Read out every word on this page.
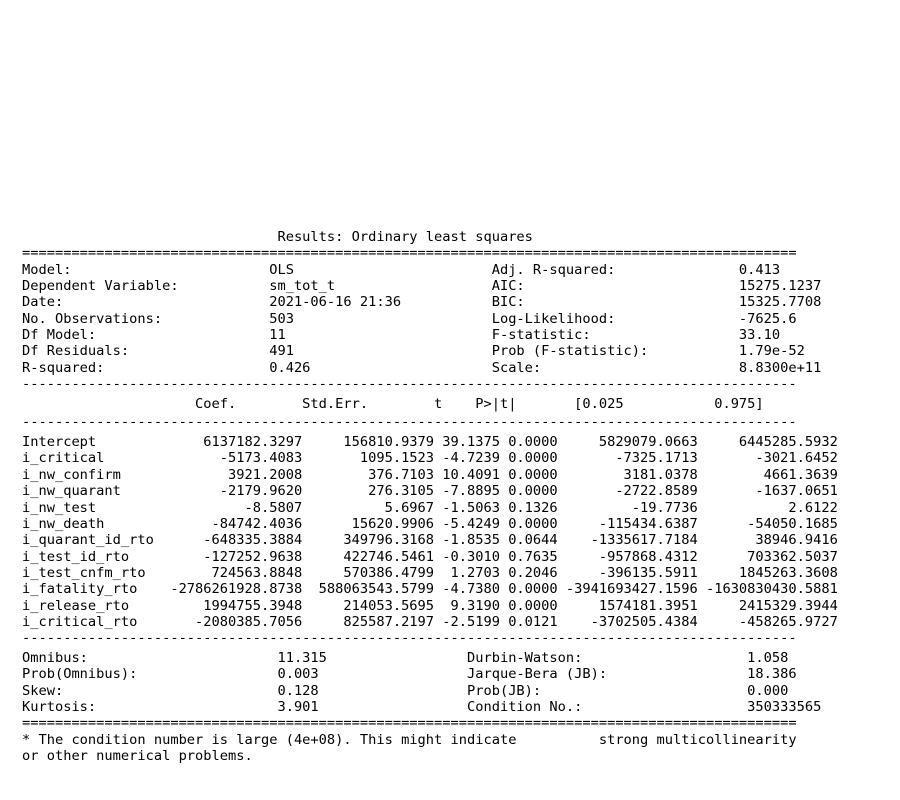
Results: Ordinary least squares
==============================================================================================
Model:                        OLS                        Adj. R-squared:               0.413
Dependent Variable:           sm_tot_t                   AIC:                          15275.1237
Date:                         2021-06-16 21:36           BIC:                          15325.7708
No. Observations:             503                        Log-Likelihood:               -7625.6
Df Model:                     11                         F-statistic:                  33.10
Df Residuals:                 491                        Prob (F-statistic):           1.79e-52
R-squared:                    0.426                      Scale:                        8.8300e+11
----------------------------------------------------------------------------------------------
Coef.        Std.Err.        t    P>|t|       [0.025           0.975]
----------------------------------------------------------------------------------------------
Intercept             6137182.3297     156810.9379 39.1375 0.0000     5829079.0663     6445285.5932
i_critical              -5173.4083       1095.1523 -4.7239 0.0000       -7325.1713       -3021.6452
i_nw_confirm             3921.2008        376.7103 10.4091 0.0000        3181.0378        4661.3639
i_nw_quarant            -2179.9620        276.3105 -7.8895 0.0000       -2722.8589       -1637.0651
i_nw_test                  -8.5807          5.6967 -1.5063 0.1326         -19.7736           2.6122
i_nw_death             -84742.4036      15620.9906 -5.4249 0.0000     -115434.6387      -54050.1685
i_quarant_id_rto      -648335.3884     349796.3168 -1.8535 0.0644    -1335617.7184       38946.9416
i_test_id_rto         -127252.9638     422746.5461 -0.3010 0.7635     -957868.4312      703362.5037
i_test_cnfm_rto        724563.8848     570386.4799  1.2703 0.2046     -396135.5911     1845263.3608
i_fatality_rto    -2786261928.8738  588063543.5799 -4.7380 0.0000 -3941693427.1596 -1630830430.5881
i_release_rto         1994755.3948     214053.5695  9.3190 0.0000     1574181.3951     2415329.3944
i_critical_rto       -2080385.7056     825587.2197 -2.5199 0.0121    -3702505.4384     -458265.9727
----------------------------------------------------------------------------------------------
Omnibus:                       11.315                 Durbin-Watson:                    1.058
Prob(Omnibus):                 0.003                  Jarque-Bera (JB):                 18.386
Skew:                          0.128                  Prob(JB):                         0.000
Kurtosis:                      3.901                  Condition No.:                    350333565
==============================================================================================
* The condition number is large (4e+08). This might indicate          strong multicollinearity
or other numerical problems.
